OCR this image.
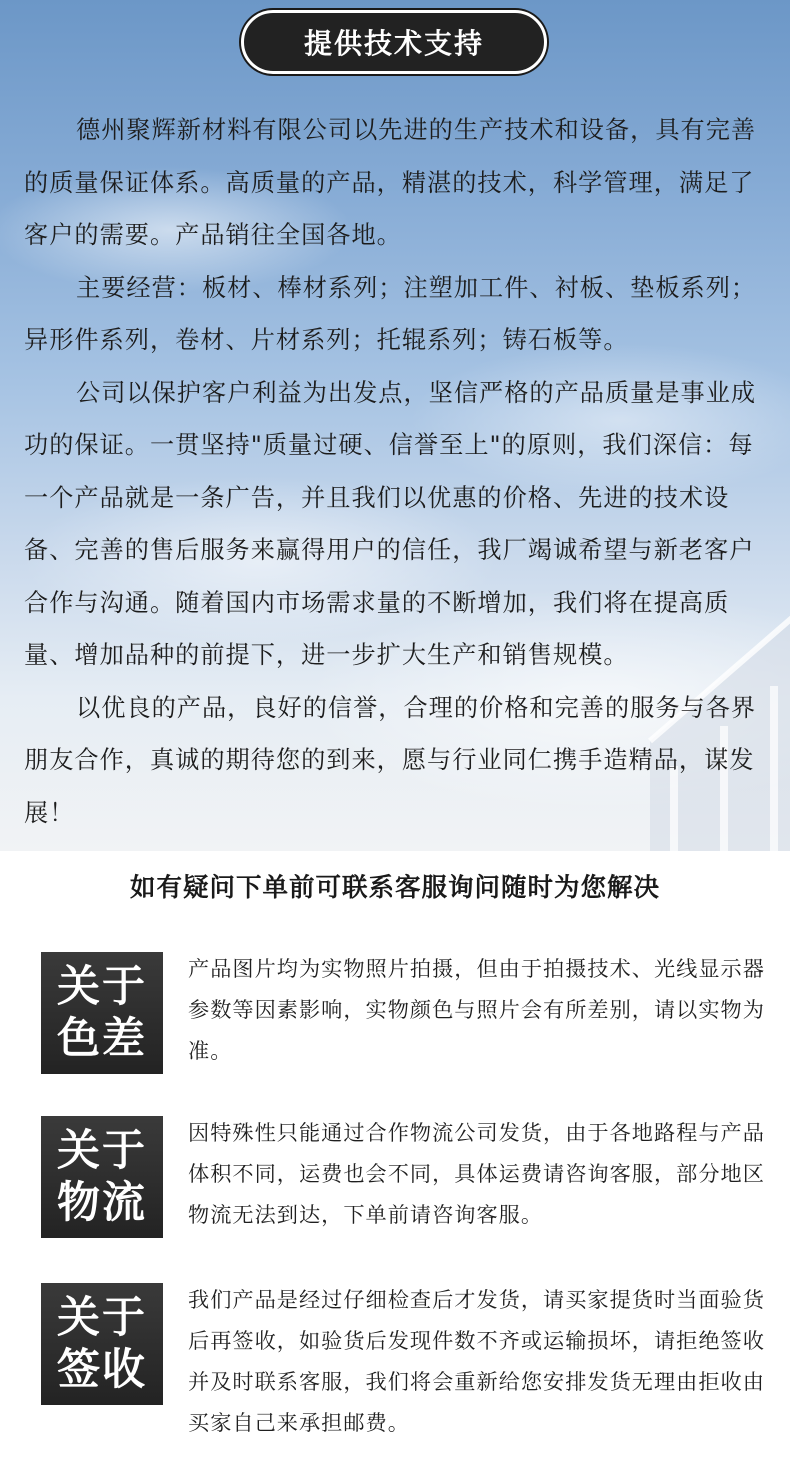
提供技术支持

德州聚辉新材料有限公司以先进的生产技术和设备，具有完善的质量保证体系。高质量的产品，精湛的技术，科学管理，满足了客户的需要。产品销往全国各地。

主要经营：板材、棒材系列；注塑加工件、衬板、垫板系列；异形件系列，卷材、片材系列；托辊系列；铸石板等。

公司以保护客户利益为出发点，坚信严格的产品质量是事业成功的保证。一贯坚持"质量过硬、信誉至上"的原则，我们深信：每一个产品就是一条广告，并且我们以优惠的价格、先进的技术设备、完善的售后服务来赢得用户的信任，我厂竭诚希望与新老客户合作与沟通。随着国内市场需求量的不断增加，我们将在提高质量、增加品种的前提下，进一步扩大生产和销售规模。

以优良的产品，良好的信誉，合理的价格和完善的服务与各界朋友合作，真诚的期待您的到来，愿与行业同仁携手造精品，谋发展！

如有疑问下单前可联系客服询问随时为您解决
关于
色差
产品图片均为实物照片拍摄，但由于拍摄技术、光线显示器参数等因素影响，实物颜色与照片会有所差别，请以实物为准。
关于
物流
因特殊性只能通过合作物流公司发货，由于各地路程与产品体积不同，运费也会不同，具体运费请咨询客服，部分地区物流无法到达，下单前请咨询客服。
关于
签收
我们产品是经过仔细检查后才发货，请买家提货时当面验货后再签收，如验货后发现件数不齐或运输损坏，请拒绝签收并及时联系客服，我们将会重新给您安排发货无理由拒收由买家自己来承担邮费。
